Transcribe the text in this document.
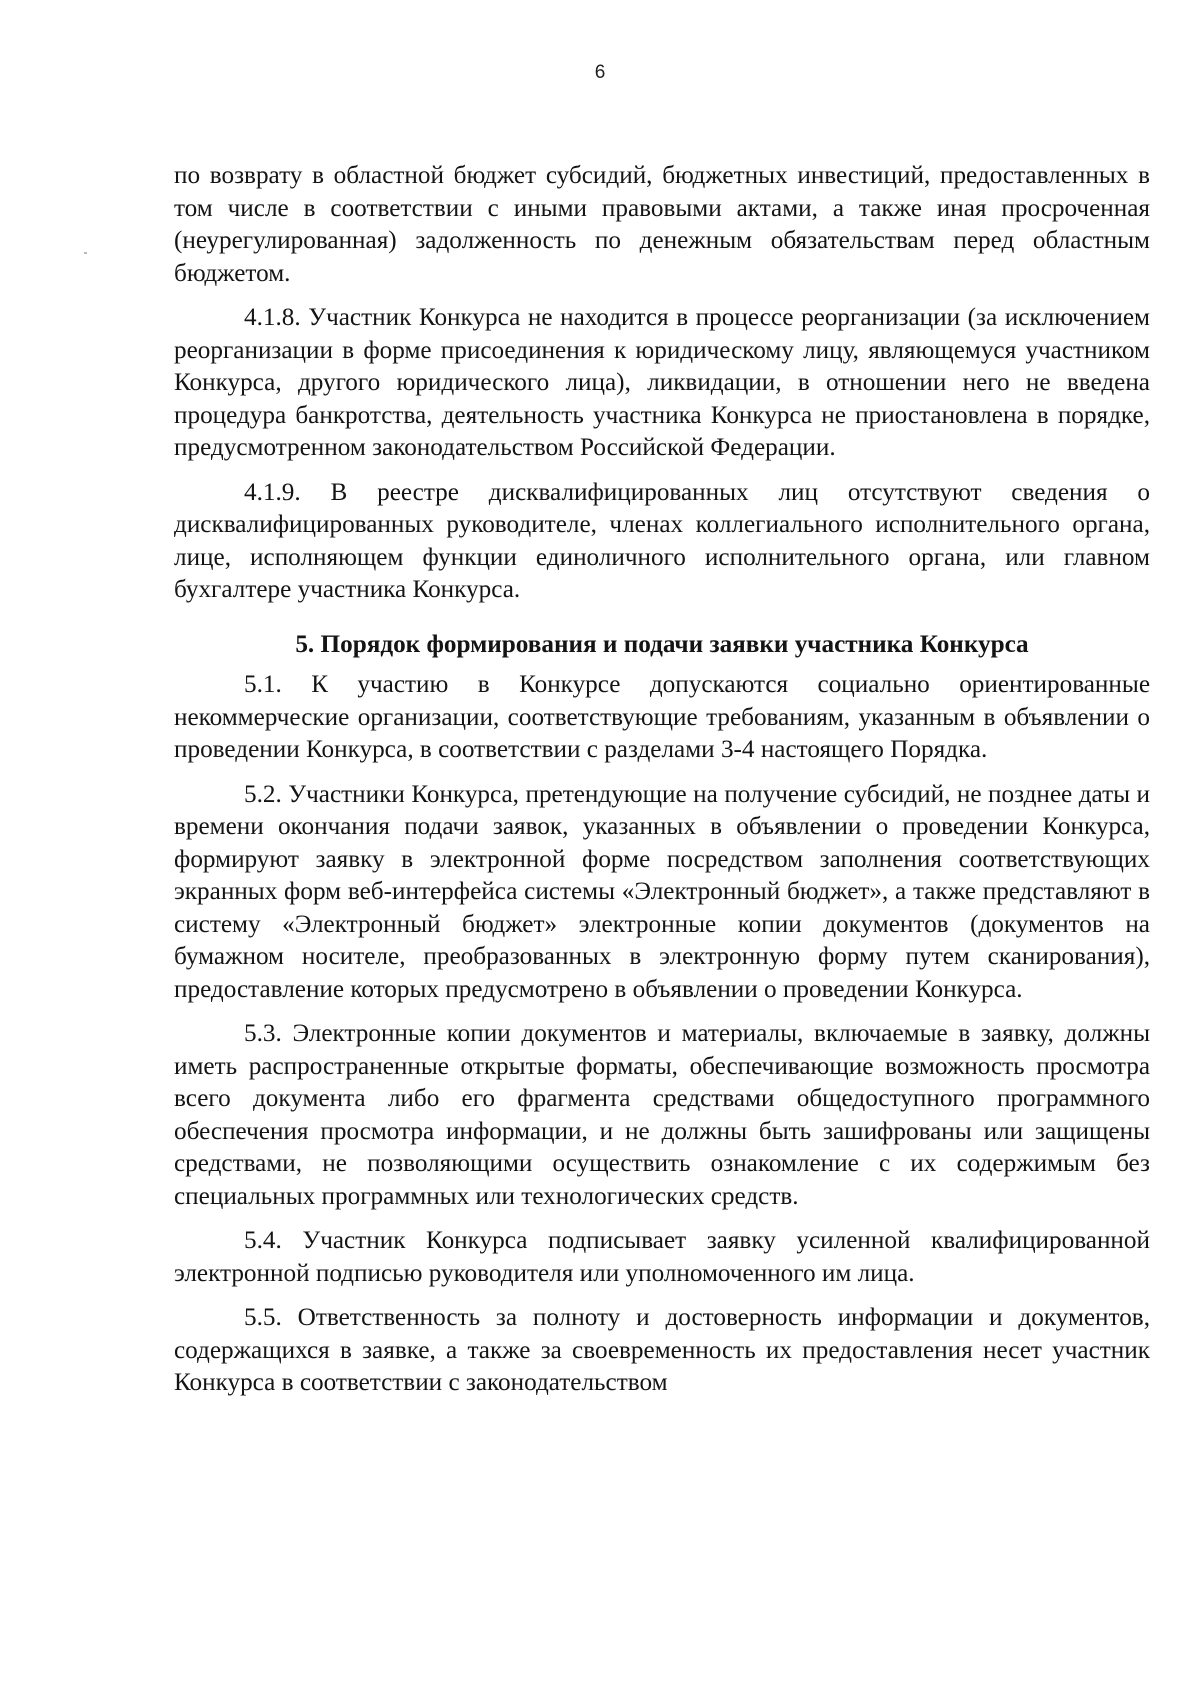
6

по возврату в областной бюджет субсидий, бюджетных инвестиций, предоставленных в том числе в соответствии с иными правовыми актами, а также иная просроченная (неурегулированная) задолженность по денежным обязательствам перед областным бюджетом.

4.1.8. Участник Конкурса не находится в процессе реорганизации (за исключением реорганизации в форме присоединения к юридическому лицу, являющемуся участником Конкурса, другого юридического лица), ликвидации, в отношении него не введена процедура банкротства, деятельность участника Конкурса не приостановлена в порядке, предусмотренном законодательством Российской Федерации.

4.1.9. В реестре дисквалифицированных лиц отсутствуют сведения о дисквалифицированных руководителе, членах коллегиального исполнительного органа, лице, исполняющем функции единоличного исполнительного органа, или главном бухгалтере участника Конкурса.

5. Порядок формирования и подачи заявки участника Конкурса

5.1. К участию в Конкурсе допускаются социально ориентированные некоммерческие организации, соответствующие требованиям, указанным в объявлении о проведении Конкурса, в соответствии с разделами 3-4 настоящего Порядка.

5.2. Участники Конкурса, претендующие на получение субсидий, не позднее даты и времени окончания подачи заявок, указанных в объявлении о проведении Конкурса, формируют заявку в электронной форме посредством заполнения соответствующих экранных форм веб-интерфейса системы «Электронный бюджет», а также представляют в систему «Электронный бюджет» электронные копии документов (документов на бумажном носителе, преобразованных в электронную форму путем сканирования), предоставление которых предусмотрено в объявлении о проведении Конкурса.

5.3. Электронные копии документов и материалы, включаемые в заявку, должны иметь распространенные открытые форматы, обеспечивающие возможность просмотра всего документа либо его фрагмента средствами общедоступного программного обеспечения просмотра информации, и не должны быть зашифрованы или защищены средствами, не позволяющими осуществить ознакомление с их содержимым без специальных программных или технологических средств.

5.4. Участник Конкурса подписывает заявку усиленной квалифицированной электронной подписью руководителя или уполномоченного им лица.

5.5. Ответственность за полноту и достоверность информации и документов, содержащихся в заявке, а также за своевременность их предоставления несет участник Конкурса в соответствии с законодательством
